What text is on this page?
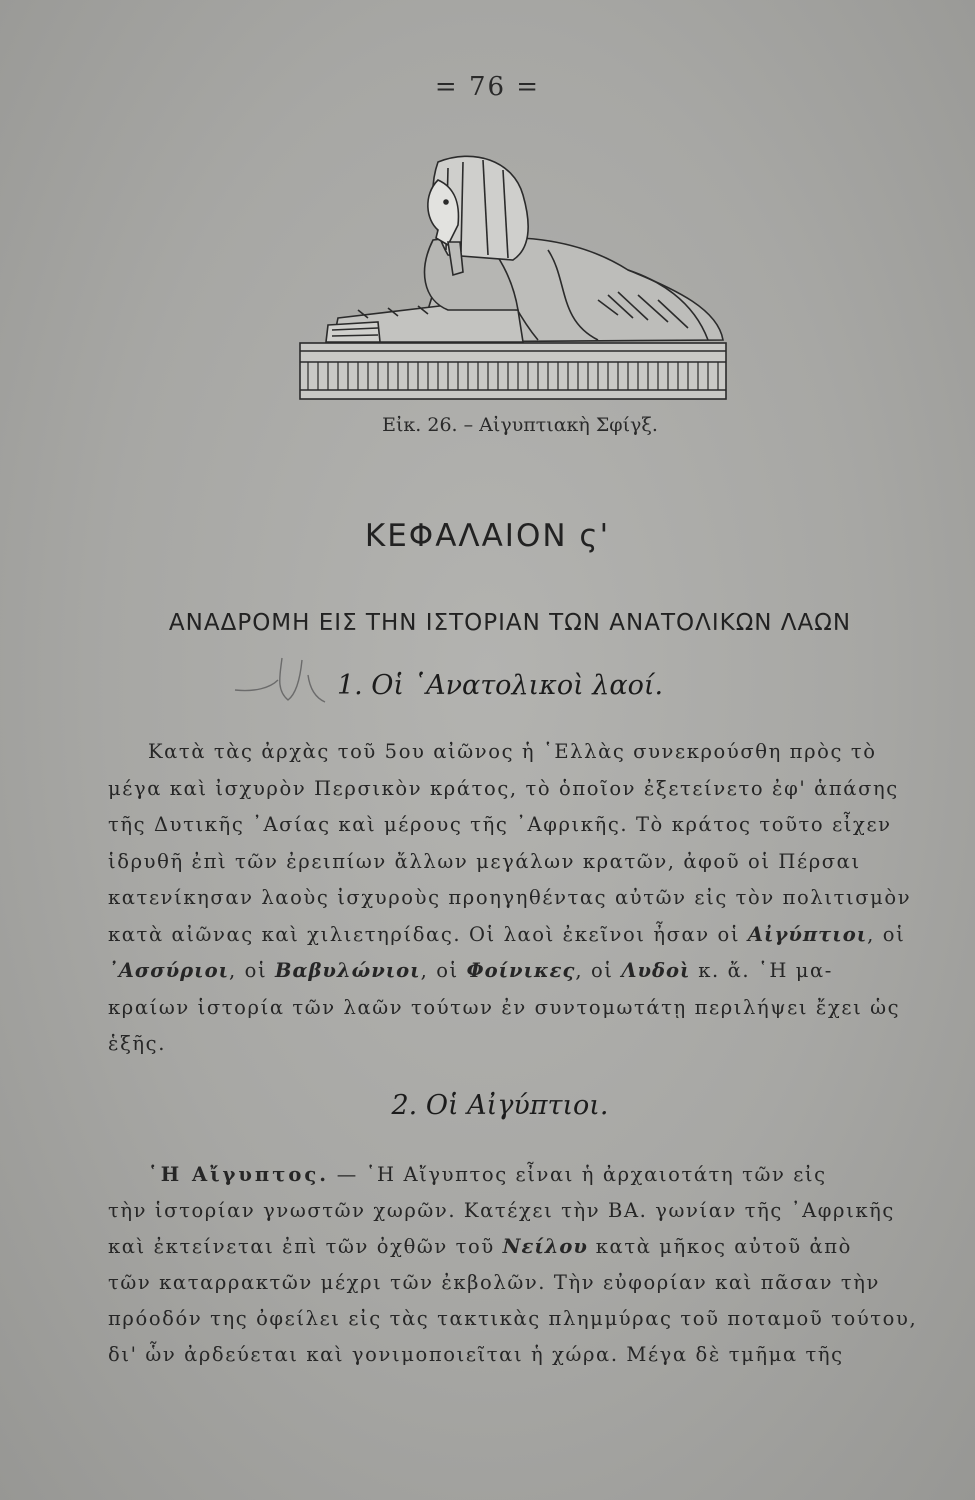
= 76 =
Εἰκ. 26. – Αἰγυπτιακὴ Σφίγξ.
ΚΕΦΑΛΑΙΟΝ ς'
ΑΝΑΔΡΟΜΗ ΕΙΣ ΤΗΝ ΙΣΤΟΡΙΑΝ ΤΩΝ ΑΝΑΤΟΛΙΚΩΝ ΛΑΩΝ
1. Οἱ ῾Ανατολικοὶ λαοί.
Κατὰ τὰς ἀρχὰς τοῦ 5ου αἰῶνος ἡ ῾Ελλὰς συνεκρούσθη πρὸς τὸ
μέγα καὶ ἰσχυρὸν Περσικὸν κράτος, τὸ ὁποῖον ἐξετείνετο ἐφ' ἁπάσης
τῆς Δυτικῆς ᾿Ασίας καὶ μέρους τῆς ᾿Αφρικῆς. Τὸ κράτος τοῦτο εἶχεν
ἱδρυθῆ ἐπὶ τῶν ἐρειπίων ἄλλων μεγάλων κρατῶν, ἀφοῦ οἱ Πέρσαι
κατενίκησαν λαοὺς ἰσχυροὺς προηγηθέντας αὐτῶν εἰς τὸν πολιτισμὸν
κατὰ αἰῶνας καὶ χιλιετηρίδας. Οἱ λαοὶ ἐκεῖνοι ἦσαν οἱ Αἰγύπτιοι, οἱ
᾿Ασσύριοι, οἱ Βαβυλώνιοι, οἱ Φοίνικες, οἱ Λυδοὶ κ. ἄ. ῾Η μα-
κραίων ἱστορία τῶν λαῶν τούτων ἐν συντομωτάτῃ περιλήψει ἔχει ὡς
ἑξῆς.
2. Οἱ Αἰγύπτιοι.
῾Η Αἴγυπτος. — ῾Η Αἴγυπτος εἶναι ἡ ἀρχαιοτάτη τῶν εἰς
τὴν ἱστορίαν γνωστῶν χωρῶν. Κατέχει τὴν ΒΑ. γωνίαν τῆς ᾿Αφρικῆς
καὶ ἐκτείνεται ἐπὶ τῶν ὀχθῶν τοῦ Νείλου κατὰ μῆκος αὐτοῦ ἀπὸ
τῶν καταρρακτῶν μέχρι τῶν ἐκβολῶν. Τὴν εὐφορίαν καὶ πᾶσαν τὴν
πρόοδόν της ὀφείλει εἰς τὰς τακτικὰς πλημμύρας τοῦ ποταμοῦ τούτου,
δι' ὧν ἀρδεύεται καὶ γονιμοποιεῖται ἡ χώρα. Μέγα δὲ τμῆμα τῆς
